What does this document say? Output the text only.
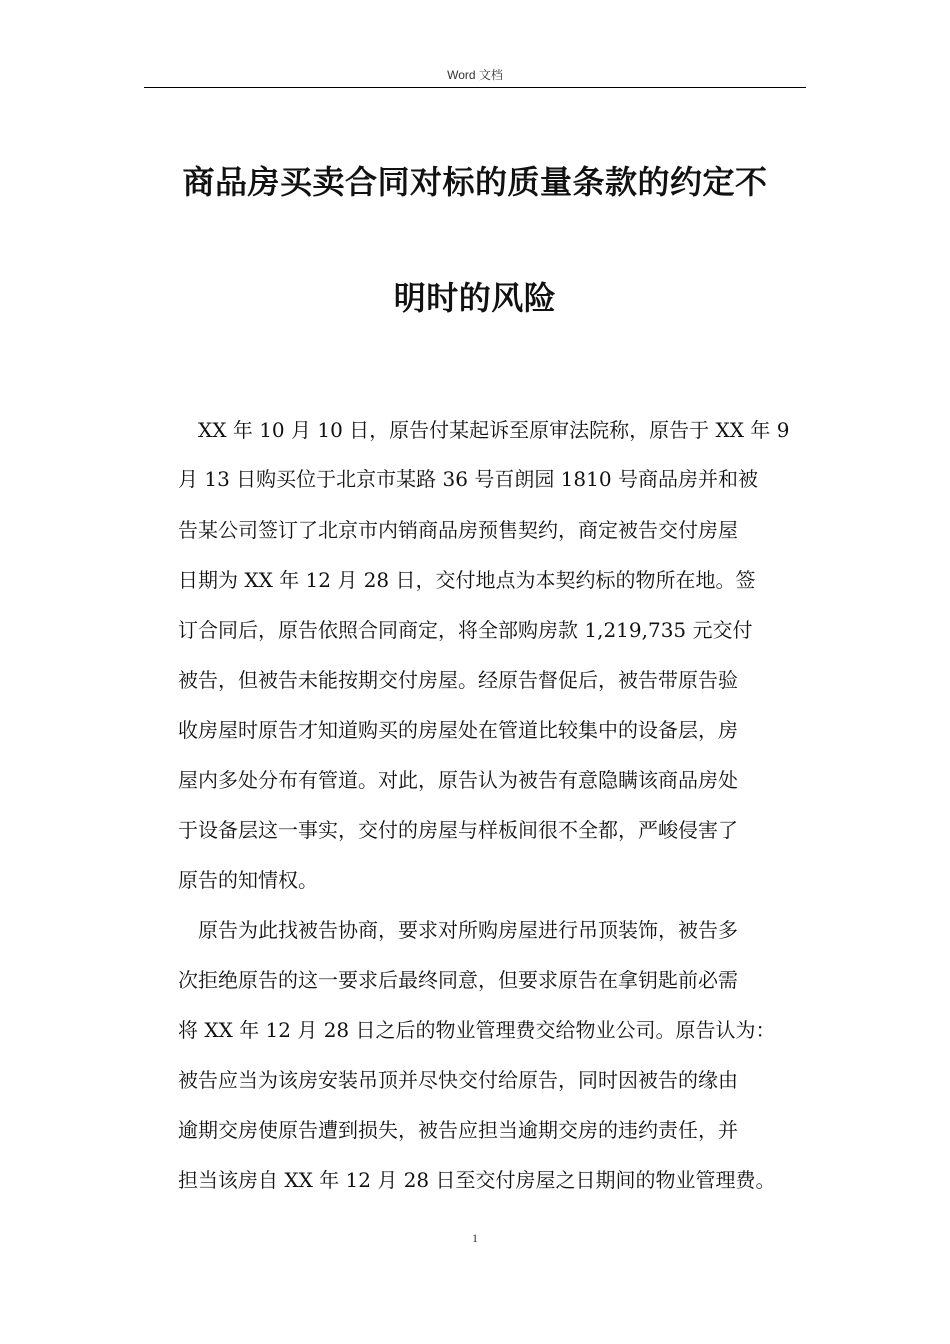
Word 文档
商品房买卖合同对标的质量条款的约定不
明时的风险
XX 年 10 月 10 日，原告付某起诉至原审法院称，原告于 XX 年 9
月 13 日购买位于北京市某路 36 号百朗园 1810 号商品房并和被
告某公司签订了北京市内销商品房预售契约，商定被告交付房屋
日期为 XX 年 12 月 28 日，交付地点为本契约标的物所在地。签
订合同后，原告依照合同商定，将全部购房款 1,219,735 元交付
被告，但被告未能按期交付房屋。经原告督促后，被告带原告验
收房屋时原告才知道购买的房屋处在管道比较集中的设备层，房
屋内多处分布有管道。对此，原告认为被告有意隐瞒该商品房处
于设备层这一事实，交付的房屋与样板间很不全都，严峻侵害了
原告的知情权。
原告为此找被告协商，要求对所购房屋进行吊顶装饰，被告多
次拒绝原告的这一要求后最终同意，但要求原告在拿钥匙前必需
将 XX 年 12 月 28 日之后的物业管理费交给物业公司。原告认为：
被告应当为该房安装吊顶并尽快交付给原告，同时因被告的缘由
逾期交房使原告遭到损失，被告应担当逾期交房的违约责任，并
担当该房自 XX 年 12 月 28 日至交付房屋之日期间的物业管理费。
1
